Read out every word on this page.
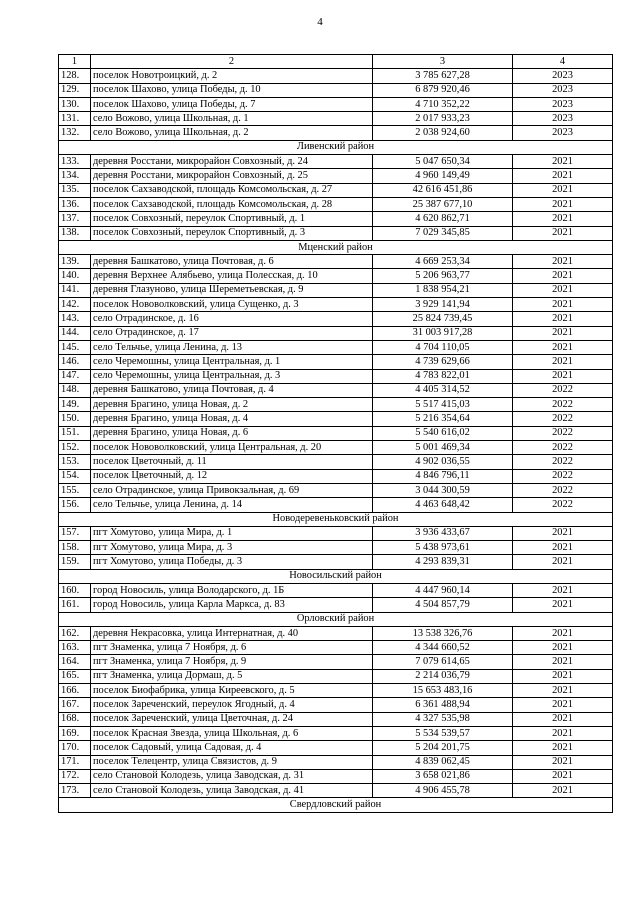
4
1	2	3	4
128.	поселок Новотроицкий, д. 2	3 785 627,28	2023
129.	поселок Шахово, улица Победы, д. 10	6 879 920,46	2023
130.	поселок Шахово, улица Победы, д. 7	4 710 352,22	2023
131.	село Вожово, улица Школьная, д. 1	2 017 933,23	2023
132.	село Вожово, улица Школьная, д. 2	2 038 924,60	2023
Ливенский район			
133.	деревня Росстани, микрорайон Совхозный, д. 24	5 047 650,34	2021
134.	деревня Росстани, микрорайон Совхозный, д. 25	4 960 149,49	2021
135.	поселок Сахзаводской, площадь Комсомольская, д. 27	42 616 451,86	2021
136.	поселок Сахзаводской, площадь Комсомольская, д. 28	25 387 677,10	2021
137.	поселок Совхозный, переулок Спортивный, д. 1	4 620 862,71	2021
138.	поселок Совхозный, переулок Спортивный, д. 3	7 029 345,85	2021
Мценский район			
139.	деревня Башкатово, улица Почтовая, д. 6	4 669 253,34	2021
140.	деревня Верхнее Алябьево, улица Полесская, д. 10	5 206 963,77	2021
141.	деревня Глазуново, улица Шереметьевская, д. 9	1 838 954,21	2021
142.	поселок Нововолковский, улица Сущенко, д. 3	3 929 141,94	2021
143.	село Отрадинское, д. 16	25 824 739,45	2021
144.	село Отрадинское, д. 17	31 003 917,28	2021
145.	село Тельчье, улица Ленина, д. 13	4 704 110,05	2021
146.	село Черемошны, улица Центральная, д. 1	4 739 629,66	2021
147.	село Черемошны, улица Центральная, д. 3	4 783 822,01	2021
148.	деревня Башкатово, улица Почтовая, д. 4	4 405 314,52	2022
149.	деревня Брагино, улица Новая, д. 2	5 517 415,03	2022
150.	деревня Брагино, улица Новая, д. 4	5 216 354,64	2022
151.	деревня Брагино, улица Новая, д. 6	5 540 616,02	2022
152.	поселок Нововолковский, улица Центральная, д. 20	5 001 469,34	2022
153.	поселок Цветочный, д. 11	4 902 036,55	2022
154.	поселок Цветочный, д. 12	4 846 796,11	2022
155.	село Отрадинское, улица Привокзальная, д. 69	3 044 300,59	2022
156.	село Тельчье, улица Ленина, д. 14	4 463 648,42	2022
Новодеревеньковский район			
157.	пгт Хомутово, улица Мира, д. 1	3 936 433,67	2021
158.	пгт Хомутово, улица Мира, д. 3	5 438 973,61	2021
159.	пгт Хомутово, улица Победы, д. 3	4 293 839,31	2021
Новосильский район			
160.	город Новосиль, улица Володарского, д. 1Б	4 447 960,14	2021
161.	город Новосиль, улица Карла Маркса, д. 83	4 504 857,79	2021
Орловский район			
162.	деревня Некрасовка, улица Интернатная, д. 40	13 538 326,76	2021
163.	пгт Знаменка, улица 7 Ноября, д. 6	4 344 660,52	2021
164.	пгт Знаменка, улица 7 Ноября, д. 9	7 079 614,65	2021
165.	пгт Знаменка, улица Дормаш, д. 5	2 214 036,79	2021
166.	поселок Биофабрика, улица Киреевского, д. 5	15 653 483,16	2021
167.	поселок Зареченский, переулок Ягодный, д. 4	6 361 488,94	2021
168.	поселок Зареченский, улица Цветочная, д. 24	4 327 535,98	2021
169.	поселок Красная Звезда, улица Школьная, д. 6	5 534 539,57	2021
170.	поселок Садовый, улица Садовая, д. 4	5 204 201,75	2021
171.	поселок Телецентр, улица Связистов, д. 9	4 839 062,45	2021
172.	село Становой Колодезь, улица Заводская, д. 31	3 658 021,86	2021
173.	село Становой Колодезь, улица Заводская, д. 41	4 906 455,78	2021
Свердловский район			
